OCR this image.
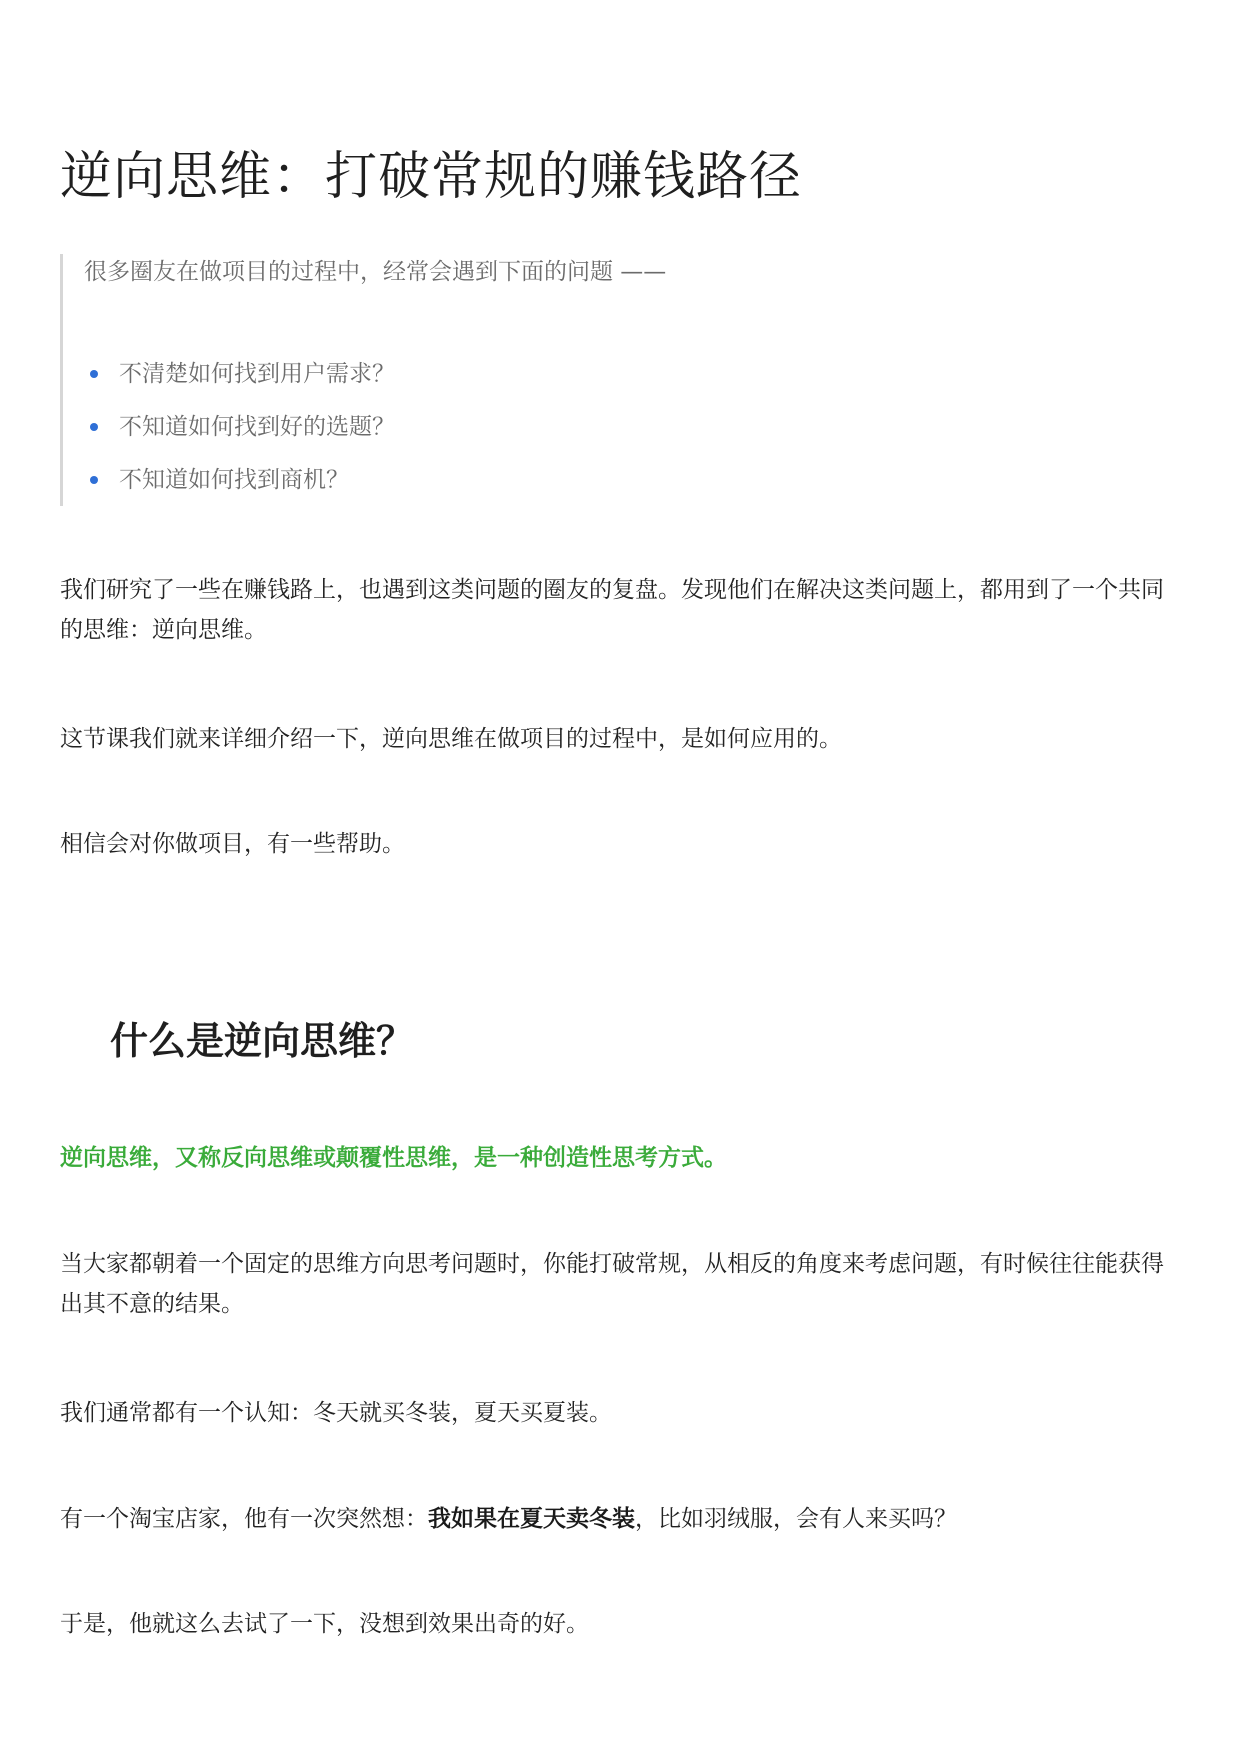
逆向思维：打破常规的赚钱路径
很多圈友在做项目的过程中，经常会遇到下面的问题 ——
不清楚如何找到用户需求？
不知道如何找到好的选题？
不知道如何找到商机？

我们研究了一些在赚钱路上，也遇到这类问题的圈友的复盘。发现他们在解决这类问题上，都用到了一个共同的思维：逆向思维。

这节课我们就来详细介绍一下，逆向思维在做项目的过程中，是如何应用的。

相信会对你做项目，有一些帮助。

什么是逆向思维？

逆向思维，又称反向思维或颠覆性思维，是一种创造性思考方式。

当大家都朝着一个固定的思维方向思考问题时，你能打破常规，从相反的角度来考虑问题，有时候往往能获得出其不意的结果。

我们通常都有一个认知：冬天就买冬装，夏天买夏装。

有一个淘宝店家，他有一次突然想：我如果在夏天卖冬装，比如羽绒服，会有人来买吗？

于是，他就这么去试了一下，没想到效果出奇的好。
